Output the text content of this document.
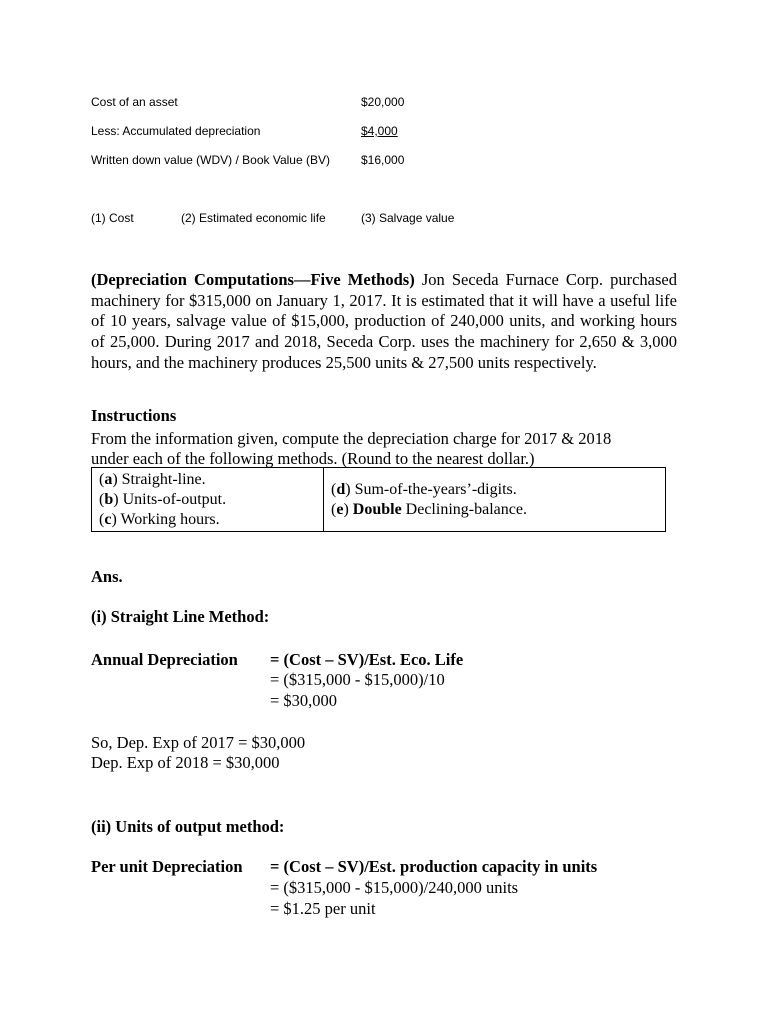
Cost of an asset	$20,000
Less: Accumulated depreciation	$4,000
Written down value (WDV) / Book Value (BV)	$16,000
(1) Cost	(2) Estimated economic life	(3) Salvage value
(Depreciation Computations—Five Methods) Jon Seceda Furnace Corp. purchased machinery for $315,000 on January 1, 2017. It is estimated that it will have a useful life of 10 years, salvage value of $15,000, production of 240,000 units, and working hours of 25,000. During 2017 and 2018, Seceda Corp. uses the machinery for 2,650 & 3,000 hours, and the machinery produces 25,500 units & 27,500 units respectively.
Instructions
From the information given, compute the depreciation charge for 2017 & 2018
under each of the following methods. (Round to the nearest dollar.)
(a) Straight-line.
(b) Units-of-output.
(c) Working hours.

(d) Sum-of-the-years’-digits.
(e) Double Declining-balance.
Ans.
(i) Straight Line Method:
Annual Depreciation = (Cost – SV)/Est. Eco. Life
= ($315,000 - $15,000)/10
= $30,000
So, Dep. Exp of 2017 = $30,000
Dep. Exp of 2018 = $30,000
(ii) Units of output method:
Per unit Depreciation = (Cost – SV)/Est. production capacity in units
= ($315,000 - $15,000)/240,000 units
= $1.25 per unit
